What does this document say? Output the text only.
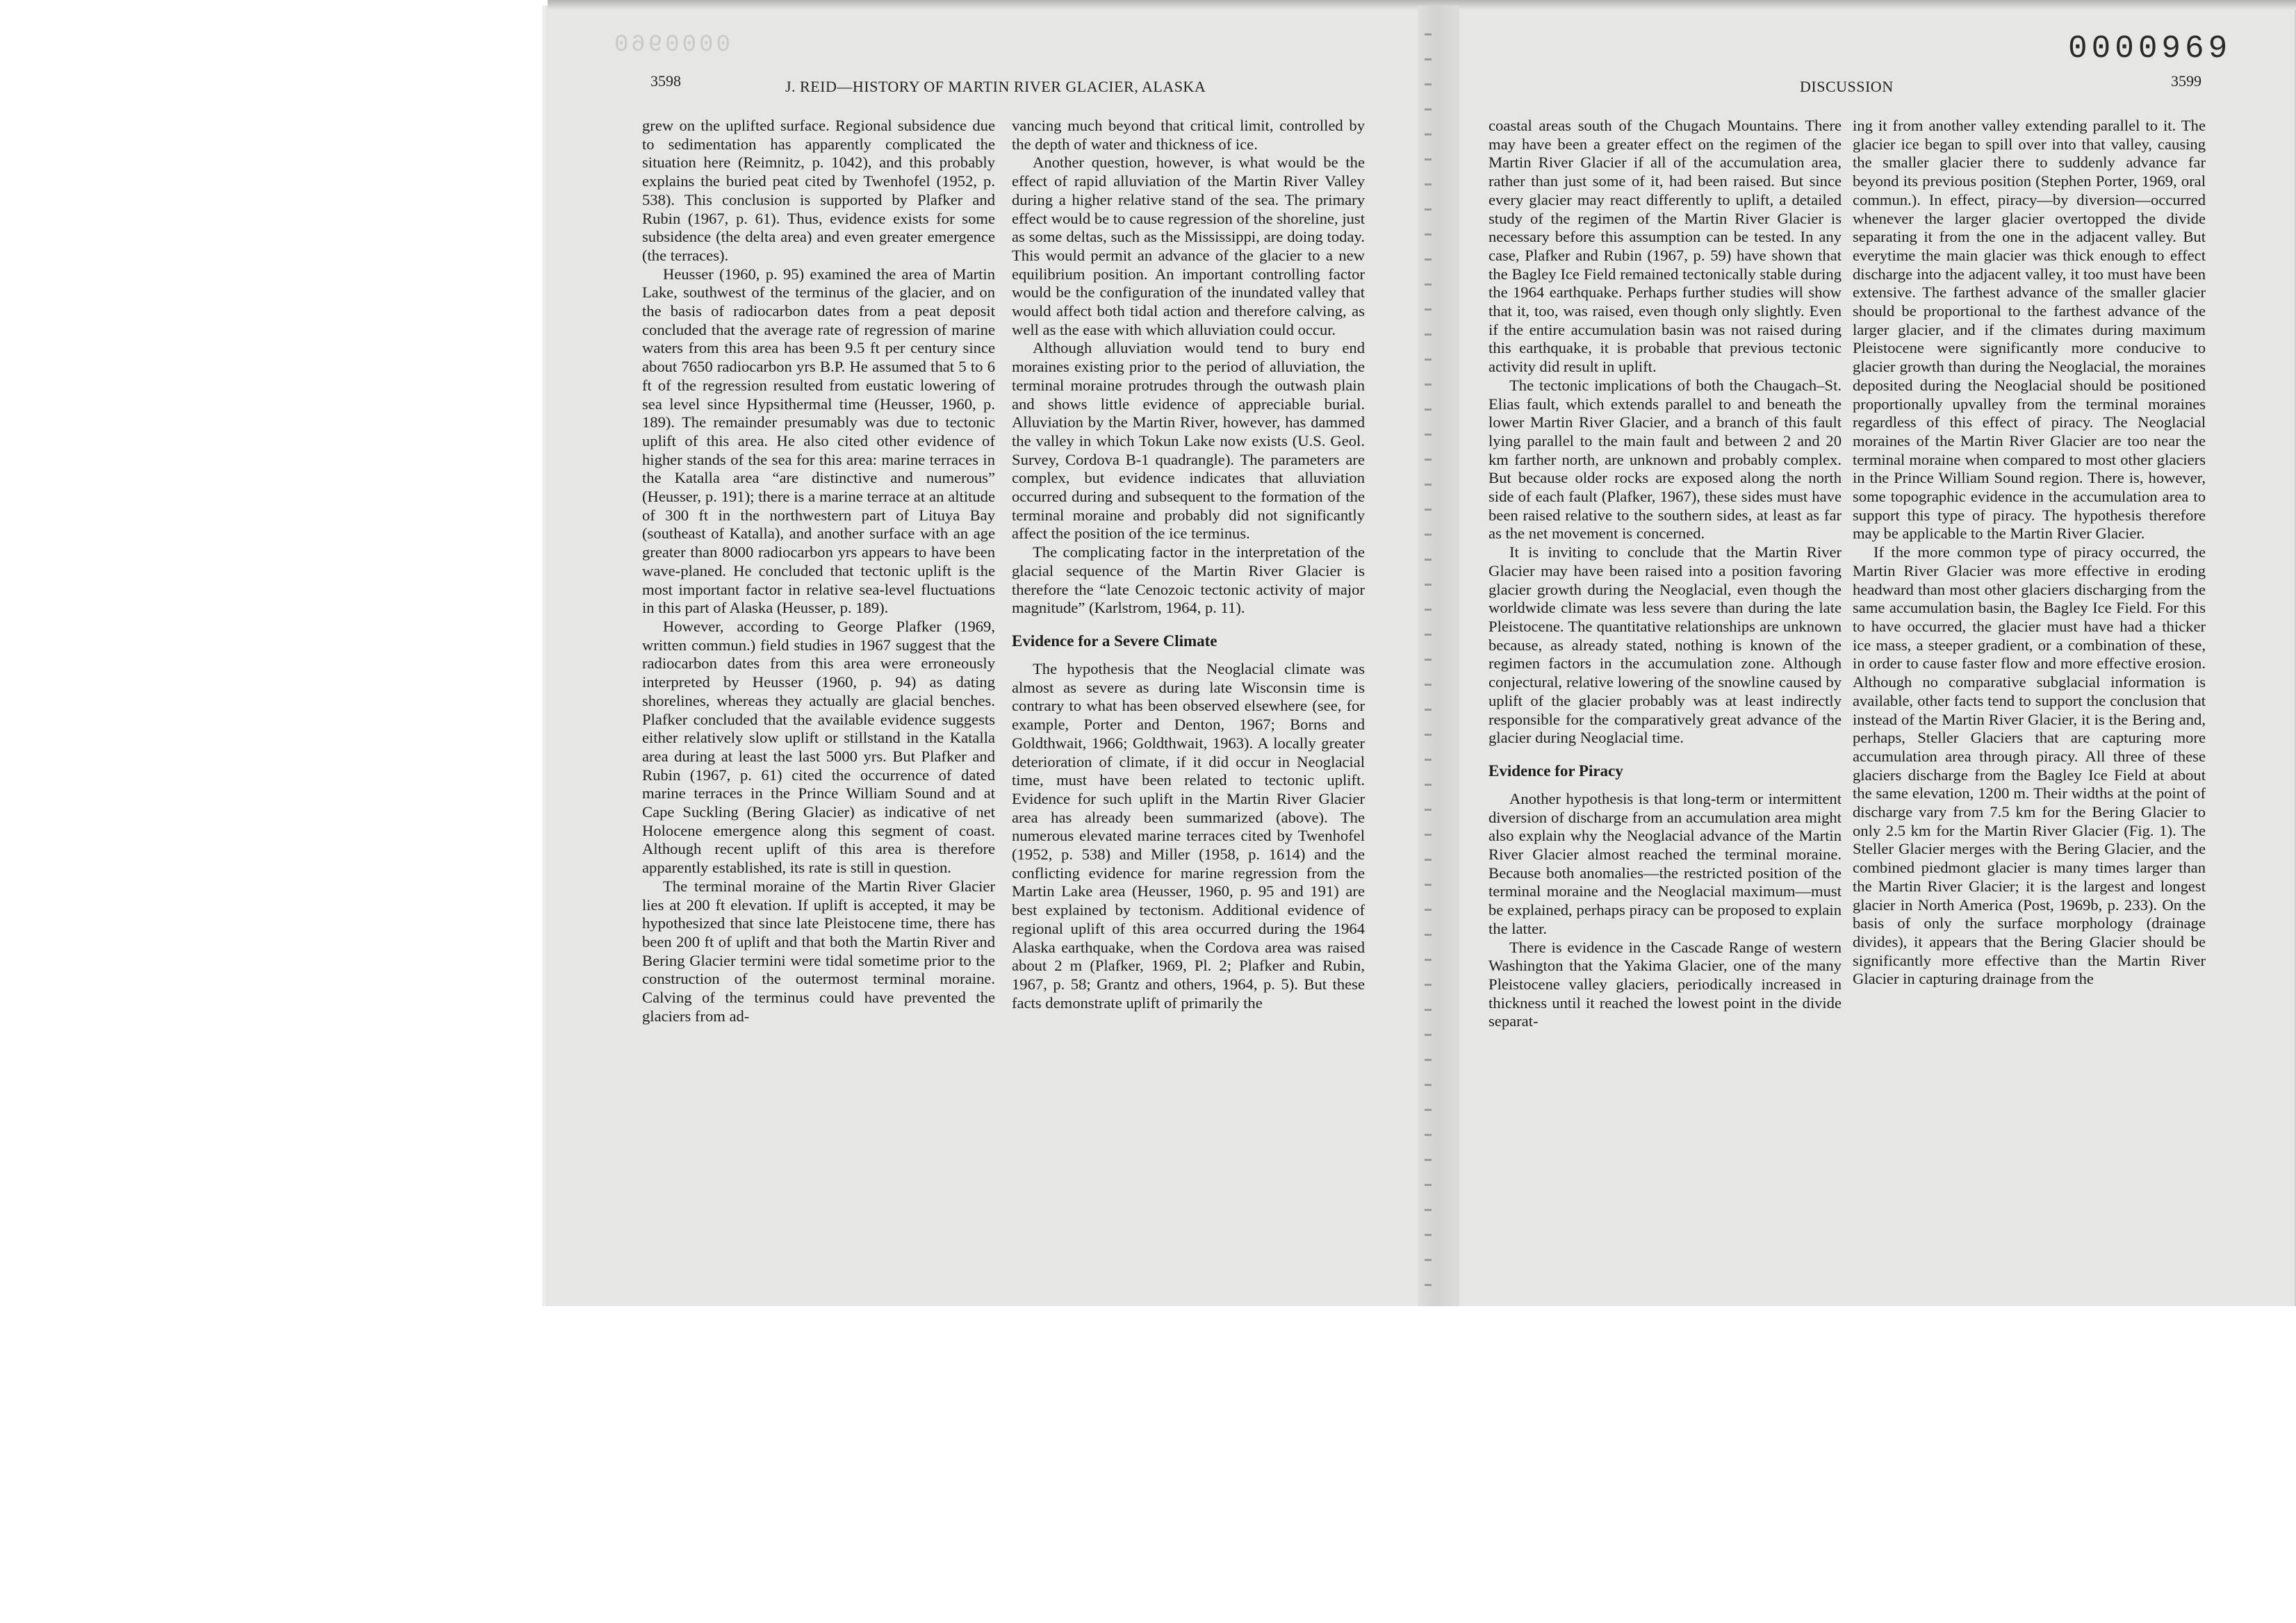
0000960
3598	J. REID—HISTORY OF MARTIN RIVER GLACIER, ALASKA	DISCUSSION	3599
0000969

grew on the uplifted surface. Regional subsidence due to sedimentation has apparently complicated the situation here (Reimnitz, p. 1042), and this probably explains the buried peat cited by Twenhofel (1952, p. 538). This conclusion is supported by Plafker and Rubin (1967, p. 61). Thus, evidence exists for some subsidence (the delta area) and even greater emergence (the terraces).

Heusser (1960, p. 95) examined the area of Martin Lake, southwest of the terminus of the glacier, and on the basis of radiocarbon dates from a peat deposit concluded that the average rate of regression of marine waters from this area has been 9.5 ft per century since about 7650 radiocarbon yrs B.P. He assumed that 5 to 6 ft of the regression resulted from eustatic lowering of sea level since Hypsithermal time (Heusser, 1960, p. 189). The remainder presumably was due to tectonic uplift of this area. He also cited other evidence of higher stands of the sea for this area: marine terraces in the Katalla area “are distinctive and numerous” (Heusser, p. 191); there is a marine terrace at an altitude of 300 ft in the northwestern part of Lituya Bay (southeast of Katalla), and another surface with an age greater than 8000 radiocarbon yrs appears to have been wave-planed. He concluded that tectonic uplift is the most important factor in relative sea-level fluctuations in this part of Alaska (Heusser, p. 189).

However, according to George Plafker (1969, written commun.) field studies in 1967 suggest that the radiocarbon dates from this area were erroneously interpreted by Heusser (1960, p. 94) as dating shorelines, whereas they actually are glacial benches. Plafker concluded that the available evidence suggests either relatively slow uplift or stillstand in the Katalla area during at least the last 5000 yrs. But Plafker and Rubin (1967, p. 61) cited the occurrence of dated marine terraces in the Prince William Sound and at Cape Suckling (Bering Glacier) as indicative of net Holocene emergence along this segment of coast. Although recent uplift of this area is therefore apparently established, its rate is still in question.

The terminal moraine of the Martin River Glacier lies at 200 ft elevation. If uplift is accepted, it may be hypothesized that since late Pleistocene time, there has been 200 ft of uplift and that both the Martin River and Bering Glacier termini were tidal sometime prior to the construction of the outermost terminal moraine. Calving of the terminus could have prevented the glaciers from ad-

vancing much beyond that critical limit, controlled by the depth of water and thickness of ice.

Another question, however, is what would be the effect of rapid alluviation of the Martin River Valley during a higher relative stand of the sea. The primary effect would be to cause regression of the shoreline, just as some deltas, such as the Mississippi, are doing today. This would permit an advance of the glacier to a new equilibrium position. An important controlling factor would be the configuration of the inundated valley that would affect both tidal action and therefore calving, as well as the ease with which alluviation could occur.

Although alluviation would tend to bury end moraines existing prior to the period of alluviation, the terminal moraine protrudes through the outwash plain and shows little evidence of appreciable burial. Alluviation by the Martin River, however, has dammed the valley in which Tokun Lake now exists (U.S. Geol. Survey, Cordova B-1 quadrangle). The parameters are complex, but evidence indicates that alluviation occurred during and subsequent to the formation of the terminal moraine and probably did not significantly affect the position of the ice terminus.

The complicating factor in the interpretation of the glacial sequence of the Martin River Glacier is therefore the “late Cenozoic tectonic activity of major magnitude” (Karlstrom, 1964, p. 11).

Evidence for a Severe Climate

The hypothesis that the Neoglacial climate was almost as severe as during late Wisconsin time is contrary to what has been observed elsewhere (see, for example, Porter and Denton, 1967; Borns and Goldthwait, 1966; Goldthwait, 1963). A locally greater deterioration of climate, if it did occur in Neoglacial time, must have been related to tectonic uplift. Evidence for such uplift in the Martin River Glacier area has already been summarized (above). The numerous elevated marine terraces cited by Twenhofel (1952, p. 538) and Miller (1958, p. 1614) and the conflicting evidence for marine regression from the Martin Lake area (Heusser, 1960, p. 95 and 191) are best explained by tectonism. Additional evidence of regional uplift of this area occurred during the 1964 Alaska earthquake, when the Cordova area was raised about 2 m (Plafker, 1969, Pl. 2; Plafker and Rubin, 1967, p. 58; Grantz and others, 1964, p. 5). But these facts demonstrate uplift of primarily the

coastal areas south of the Chugach Mountains. There may have been a greater effect on the regimen of the Martin River Glacier if all of the accumulation area, rather than just some of it, had been raised. But since every glacier may react differently to uplift, a detailed study of the regimen of the Martin River Glacier is necessary before this assumption can be tested. In any case, Plafker and Rubin (1967, p. 59) have shown that the Bagley Ice Field remained tectonically stable during the 1964 earthquake. Perhaps further studies will show that it, too, was raised, even though only slightly. Even if the entire accumulation basin was not raised during this earthquake, it is probable that previous tectonic activity did result in uplift.

The tectonic implications of both the Chaugach–St. Elias fault, which extends parallel to and beneath the lower Martin River Glacier, and a branch of this fault lying parallel to the main fault and between 2 and 20 km farther north, are unknown and probably complex. But because older rocks are exposed along the north side of each fault (Plafker, 1967), these sides must have been raised relative to the southern sides, at least as far as the net movement is concerned.

It is inviting to conclude that the Martin River Glacier may have been raised into a position favoring glacier growth during the Neoglacial, even though the worldwide climate was less severe than during the late Pleistocene. The quantitative relationships are unknown because, as already stated, nothing is known of the regimen factors in the accumulation zone. Although conjectural, relative lowering of the snowline caused by uplift of the glacier probably was at least indirectly responsible for the comparatively great advance of the glacier during Neoglacial time.

Evidence for Piracy

Another hypothesis is that long-term or intermittent diversion of discharge from an accumulation area might also explain why the Neoglacial advance of the Martin River Glacier almost reached the terminal moraine. Because both anomalies—the restricted position of the terminal moraine and the Neoglacial maximum—must be explained, perhaps piracy can be proposed to explain the latter.

There is evidence in the Cascade Range of western Washington that the Yakima Glacier, one of the many Pleistocene valley glaciers, periodically increased in thickness until it reached the lowest point in the divide separat-

ing it from another valley extending parallel to it. The glacier ice began to spill over into that valley, causing the smaller glacier there to suddenly advance far beyond its previous position (Stephen Porter, 1969, oral commun.). In effect, piracy—by diversion—occurred whenever the larger glacier overtopped the divide separating it from the one in the adjacent valley. But everytime the main glacier was thick enough to effect discharge into the adjacent valley, it too must have been extensive. The farthest advance of the smaller glacier should be proportional to the farthest advance of the larger glacier, and if the climates during maximum Pleistocene were significantly more conducive to glacier growth than during the Neoglacial, the moraines deposited during the Neoglacial should be positioned proportionally upvalley from the terminal moraines regardless of this effect of piracy. The Neoglacial moraines of the Martin River Glacier are too near the terminal moraine when compared to most other glaciers in the Prince William Sound region. There is, however, some topographic evidence in the accumulation area to support this type of piracy. The hypothesis therefore may be applicable to the Martin River Glacier.

If the more common type of piracy occurred, the Martin River Glacier was more effective in eroding headward than most other glaciers discharging from the same accumulation basin, the Bagley Ice Field. For this to have occurred, the glacier must have had a thicker ice mass, a steeper gradient, or a combination of these, in order to cause faster flow and more effective erosion. Although no comparative subglacial information is available, other facts tend to support the conclusion that instead of the Martin River Glacier, it is the Bering and, perhaps, Steller Glaciers that are capturing more accumulation area through piracy. All three of these glaciers discharge from the Bagley Ice Field at about the same elevation, 1200 m. Their widths at the point of discharge vary from 7.5 km for the Bering Glacier to only 2.5 km for the Martin River Glacier (Fig. 1). The Steller Glacier merges with the Bering Glacier, and the combined piedmont glacier is many times larger than the Martin River Glacier; it is the largest and longest glacier in North America (Post, 1969b, p. 233). On the basis of only the surface morphology (drainage divides), it appears that the Bering Glacier should be significantly more effective than the Martin River Glacier in capturing drainage from the
